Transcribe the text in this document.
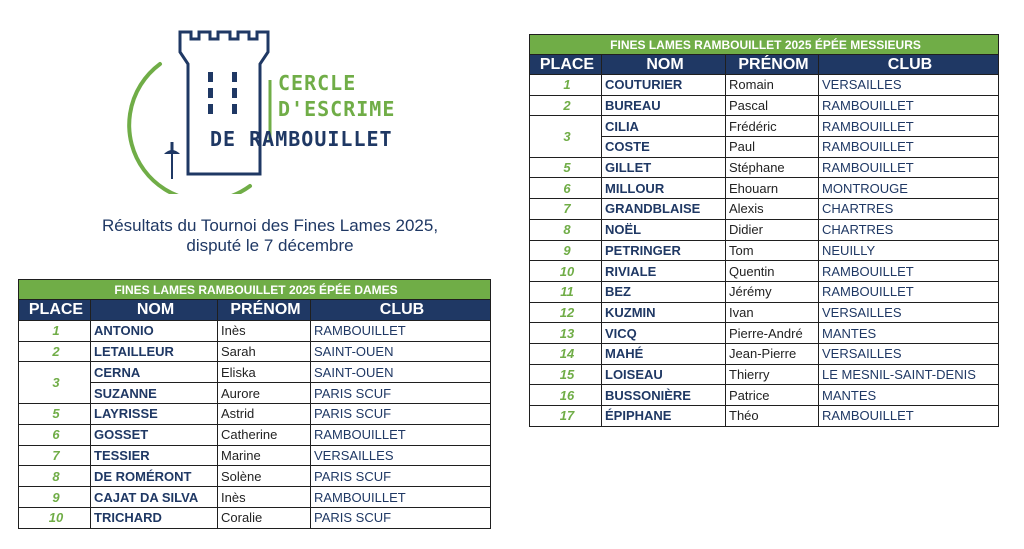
CERCLE
D'ESCRIME
DE RAMBOUILLET
Résultats du Tournoi des Fines Lames 2025,
disputé le 7 décembre
FINES LAMES RAMBOUILLET 2025 ÉPÉE DAMES			
PLACE	NOM	PRÉNOM	CLUB
1	ANTONIO	Inès	RAMBOUILLET
2	LETAILLEUR	Sarah	SAINT-OUEN
3	CERNA	Eliska	SAINT-OUEN
	SUZANNE	Aurore	PARIS SCUF
5	LAYRISSE	Astrid	PARIS SCUF
6	GOSSET	Catherine	RAMBOUILLET
7	TESSIER	Marine	VERSAILLES
8	DE ROMÉRONT	Solène	PARIS SCUF
9	CAJAT DA SILVA	Inès	RAMBOUILLET
10	TRICHARD	Coralie	PARIS SCUF
FINES LAMES RAMBOUILLET 2025 ÉPÉE MESSIEURS			
PLACE	NOM	PRÉNOM	CLUB
1	COUTURIER	Romain	VERSAILLES
2	BUREAU	Pascal	RAMBOUILLET
3	CILIA	Frédéric	RAMBOUILLET
	COSTE	Paul	RAMBOUILLET
5	GILLET	Stéphane	RAMBOUILLET
6	MILLOUR	Ehouarn	MONTROUGE
7	GRANDBLAISE	Alexis	CHARTRES
8	NOËL	Didier	CHARTRES
9	PETRINGER	Tom	NEUILLY
10	RIVIALE	Quentin	RAMBOUILLET
11	BEZ	Jérémy	RAMBOUILLET
12	KUZMIN	Ivan	VERSAILLES
13	VICQ	Pierre-André	MANTES
14	MAHÉ	Jean-Pierre	VERSAILLES
15	LOISEAU	Thierry	LE MESNIL-SAINT-DENIS
16	BUSSONIÈRE	Patrice	MANTES
17	ÉPIPHANE	Théo	RAMBOUILLET
